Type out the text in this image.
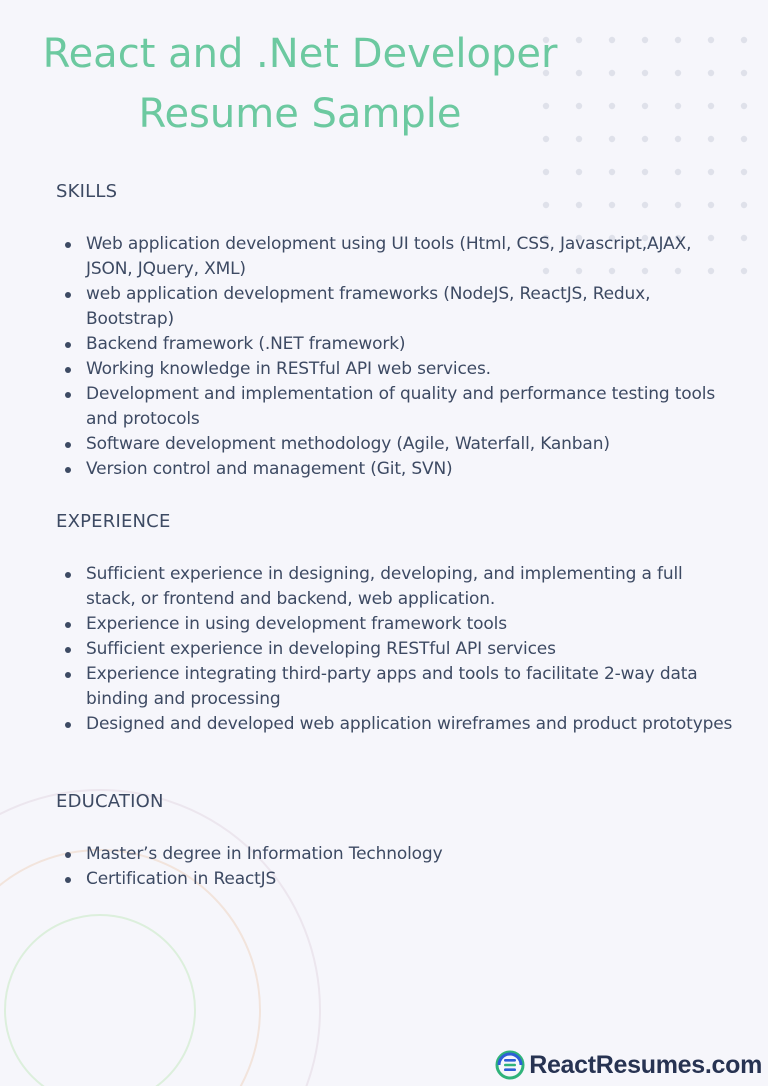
React and .Net Developer
Resume Sample
SKILLS
Web application development using UI tools (Html, CSS, Javascript,AJAX, JSON, JQuery, XML)
web application development frameworks (NodeJS, ReactJS, Redux, Bootstrap)
Backend framework (.NET framework)
Working knowledge in RESTful API web services.
Development and implementation of quality and performance testing tools and protocols
Software development methodology (Agile, Waterfall, Kanban)
Version control and management (Git, SVN)
EXPERIENCE
Sufficient experience in designing, developing, and implementing a full stack, or frontend and backend, web application.
Experience in using development framework tools
Sufficient experience in developing RESTful API services
Experience integrating third-party apps and tools to facilitate 2-way data binding and processing
Designed and developed web application wireframes and product prototypes
EDUCATION
Master’s degree in Information Technology
Certification in ReactJS
ReactResumes.com
